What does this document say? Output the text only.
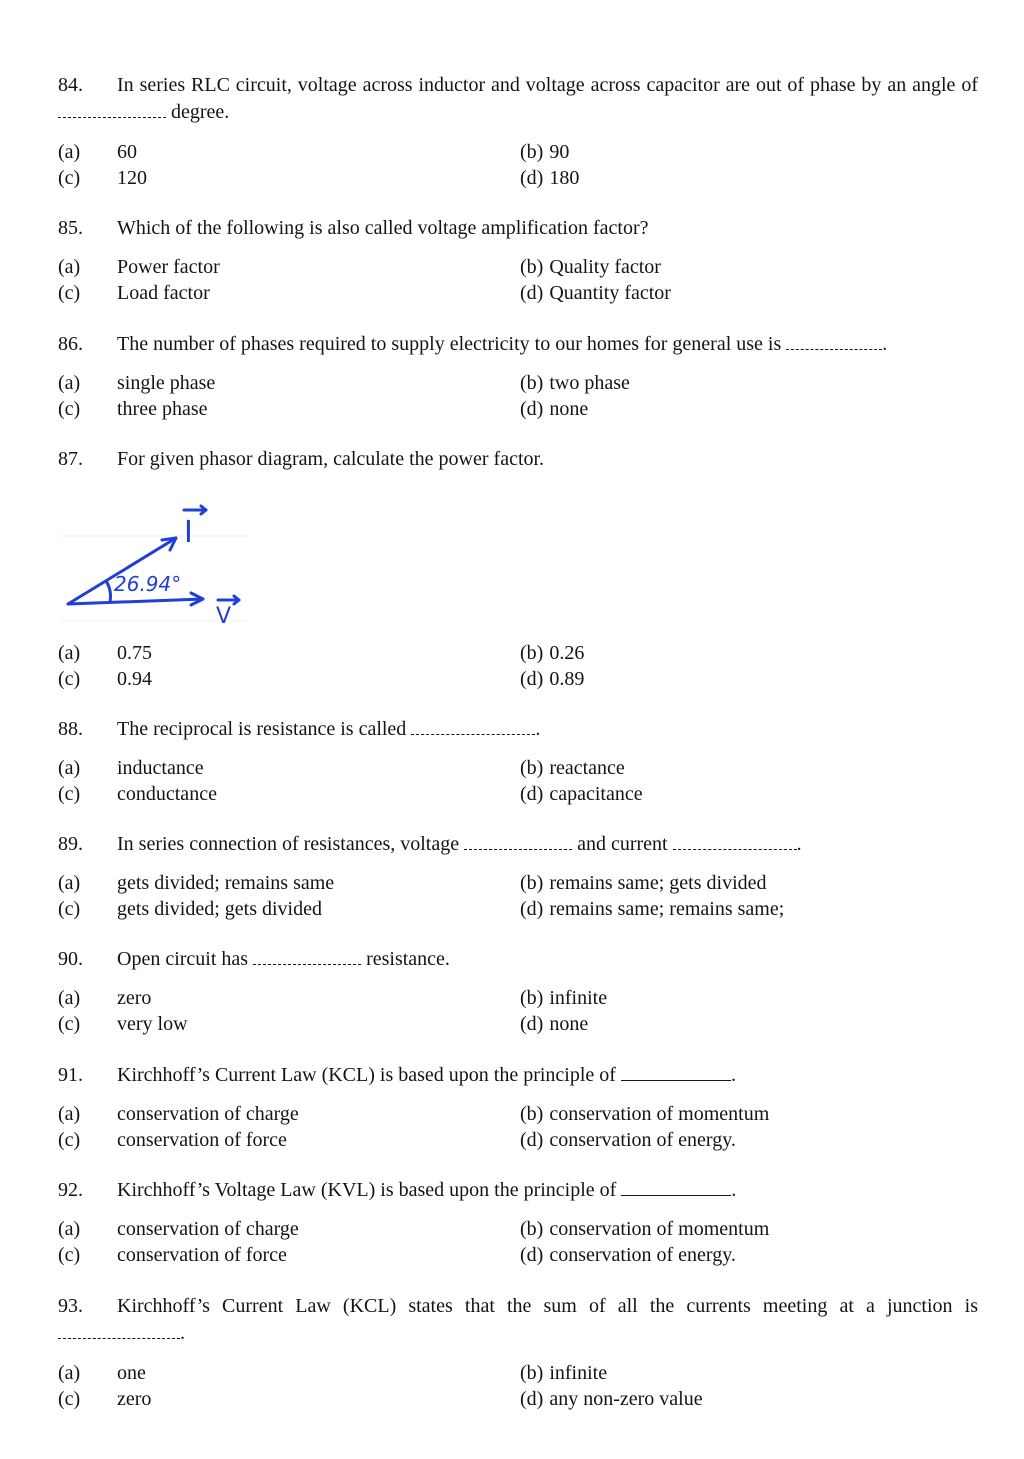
84. In series RLC circuit, voltage across inductor and voltage across capacitor are out of phase by an angle of  degree.
(a) 60	(b) 90
(c) 120	(d) 180
85. Which of the following is also called voltage amplification factor?
(a) Power factor	(b) Quality factor
(c) Load factor	(d) Quantity factor
86. The number of phases required to supply electricity to our homes for general use is	.
(a) single phase	(b) two phase
(c) three phase	(d) none
87. For given phasor diagram, calculate the power factor.
I
V
26.94°
(a) 0.75	(b) 0.26
(c) 0.94	(d) 0.89
88. The reciprocal is resistance is called	.
(a) inductance	(b) reactance
(c) conductance	(d) capacitance
89. In series connection of resistances, voltage	and current	.
(a) gets divided; remains same	(b) remains same; gets divided
(c) gets divided; gets divided	(d) remains same; remains same;
90. Open circuit has	resistance.
(a) zero	(b) infinite
(c) very low	(d) none
91. Kirchhoff’s Current Law (KCL) is based upon the principle of	.
(a) conservation of charge	(b) conservation of momentum
(c) conservation of force	(d) conservation of energy.
92. Kirchhoff’s Voltage Law (KVL) is based upon the principle of	.
(a) conservation of charge	(b) conservation of momentum
(c) conservation of force	(d) conservation of energy.
93. Kirchhoff’s Current Law (KCL) states that the sum of all the currents meeting at a junction is .
(a) one	(b) infinite
(c) zero	(d) any non-zero value
